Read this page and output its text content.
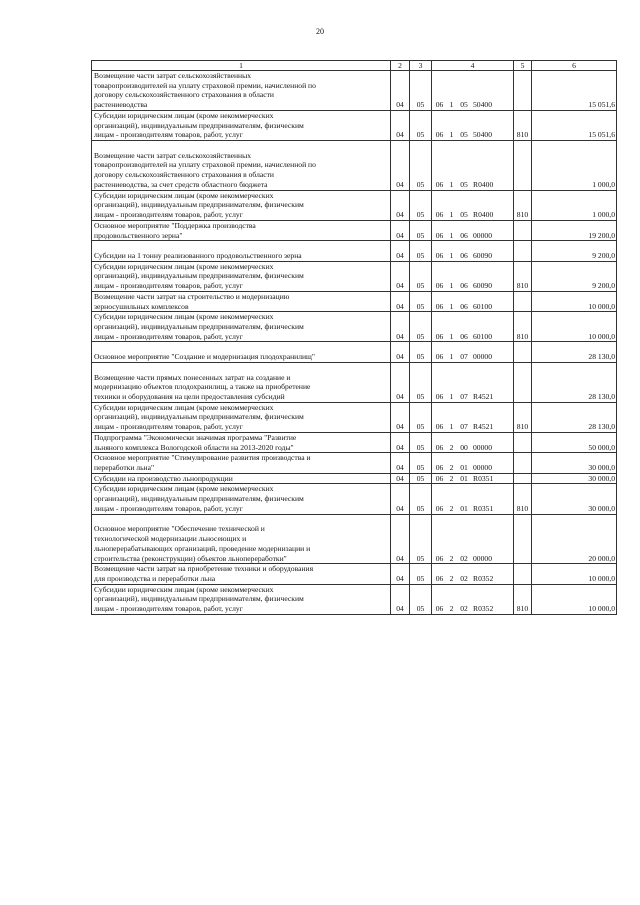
20
1	2	3	4	5	6

Возмещение части затрат сельскохозяйственных
товаропроизводителей на уплату страховой премии, начисленной по
договору сельскохозяйственного страхования в области
растениеводства	04	05	06 1 05 50400		15 051,6

Субсидии юридическим лицам (кроме некоммерческих
организаций), индивидуальным предпринимателям, физическим
лицам - производителям товаров, работ, услуг	04	05	06 1 05 50400	810	15 051,6

Возмещение части затрат сельскохозяйственных
товаропроизводителей на уплату страховой премии, начисленной по
договору сельскохозяйственного страхования в области
растениеводства, за счет средств областного бюджета	04	05	06 1 05 R0400		1 000,0

Субсидии юридическим лицам (кроме некоммерческих
организаций), индивидуальным предпринимателям, физическим
лицам - производителям товаров, работ, услуг	04	05	06 1 05 R0400	810	1 000,0

Основное мероприятие "Поддержка производства
продовольственного зерна"	04	05	06 1 06 00000		19 200,0

Субсидии на 1 тонну реализованного продовольственного зерна	04	05	06 1 06 60090		9 200,0

Субсидии юридическим лицам (кроме некоммерческих
организаций), индивидуальным предпринимателям, физическим
лицам - производителям товаров, работ, услуг	04	05	06 1 06 60090	810	9 200,0

Возмещение части затрат на строительство и модернизацию
зерносушильных комплексов	04	05	06 1 06 60100		10 000,0

Субсидии юридическим лицам (кроме некоммерческих
организаций), индивидуальным предпринимателям, физическим
лицам - производителям товаров, работ, услуг	04	05	06 1 06 60100	810	10 000,0

Основное мероприятие "Создание и модернизация плодохранилищ"	04	05	06 1 07 00000		28 130,0

Возмещение части прямых понесенных затрат на создание и
модернизацию объектов плодохранилищ, а также на приобретение
техники и оборудования на цели предоставления субсидий	04	05	06 1 07 R4521		28 130,0

Субсидии юридическим лицам (кроме некоммерческих
организаций), индивидуальным предпринимателям, физическим
лицам - производителям товаров, работ, услуг	04	05	06 1 07 R4521	810	28 130,0

Подпрограмма "Экономически значимая программа "Развитие
льняного комплекса Вологодской области на 2013-2020 годы"	04	05	06 2 00 00000		50 000,0

Основное мероприятие "Стимулирование развития производства и
переработки льна"	04	05	06 2 01 00000		30 000,0

Субсидии на производство льнопродукции	04	05	06 2 01 R0351		30 000,0

Субсидии юридическим лицам (кроме некоммерческих
организаций), индивидуальным предпринимателям, физическим
лицам - производителям товаров, работ, услуг	04	05	06 2 01 R0351	810	30 000,0

Основное мероприятие "Обеспечение технической и
технологической модернизации льносеющих и
льноперерабатывающих организаций, проведение модернизации и
строительства (реконструкции) объектов льнопереработки"	04	05	06 2 02 00000		20 000,0

Возмещение части затрат на приобретение техники и оборудования
для производства и переработки льна	04	05	06 2 02 R0352		10 000,0

Субсидии юридическим лицам (кроме некоммерческих
организаций), индивидуальным предпринимателям, физическим
лицам - производителям товаров, работ, услуг	04	05	06 2 02 R0352	810	10 000,0
